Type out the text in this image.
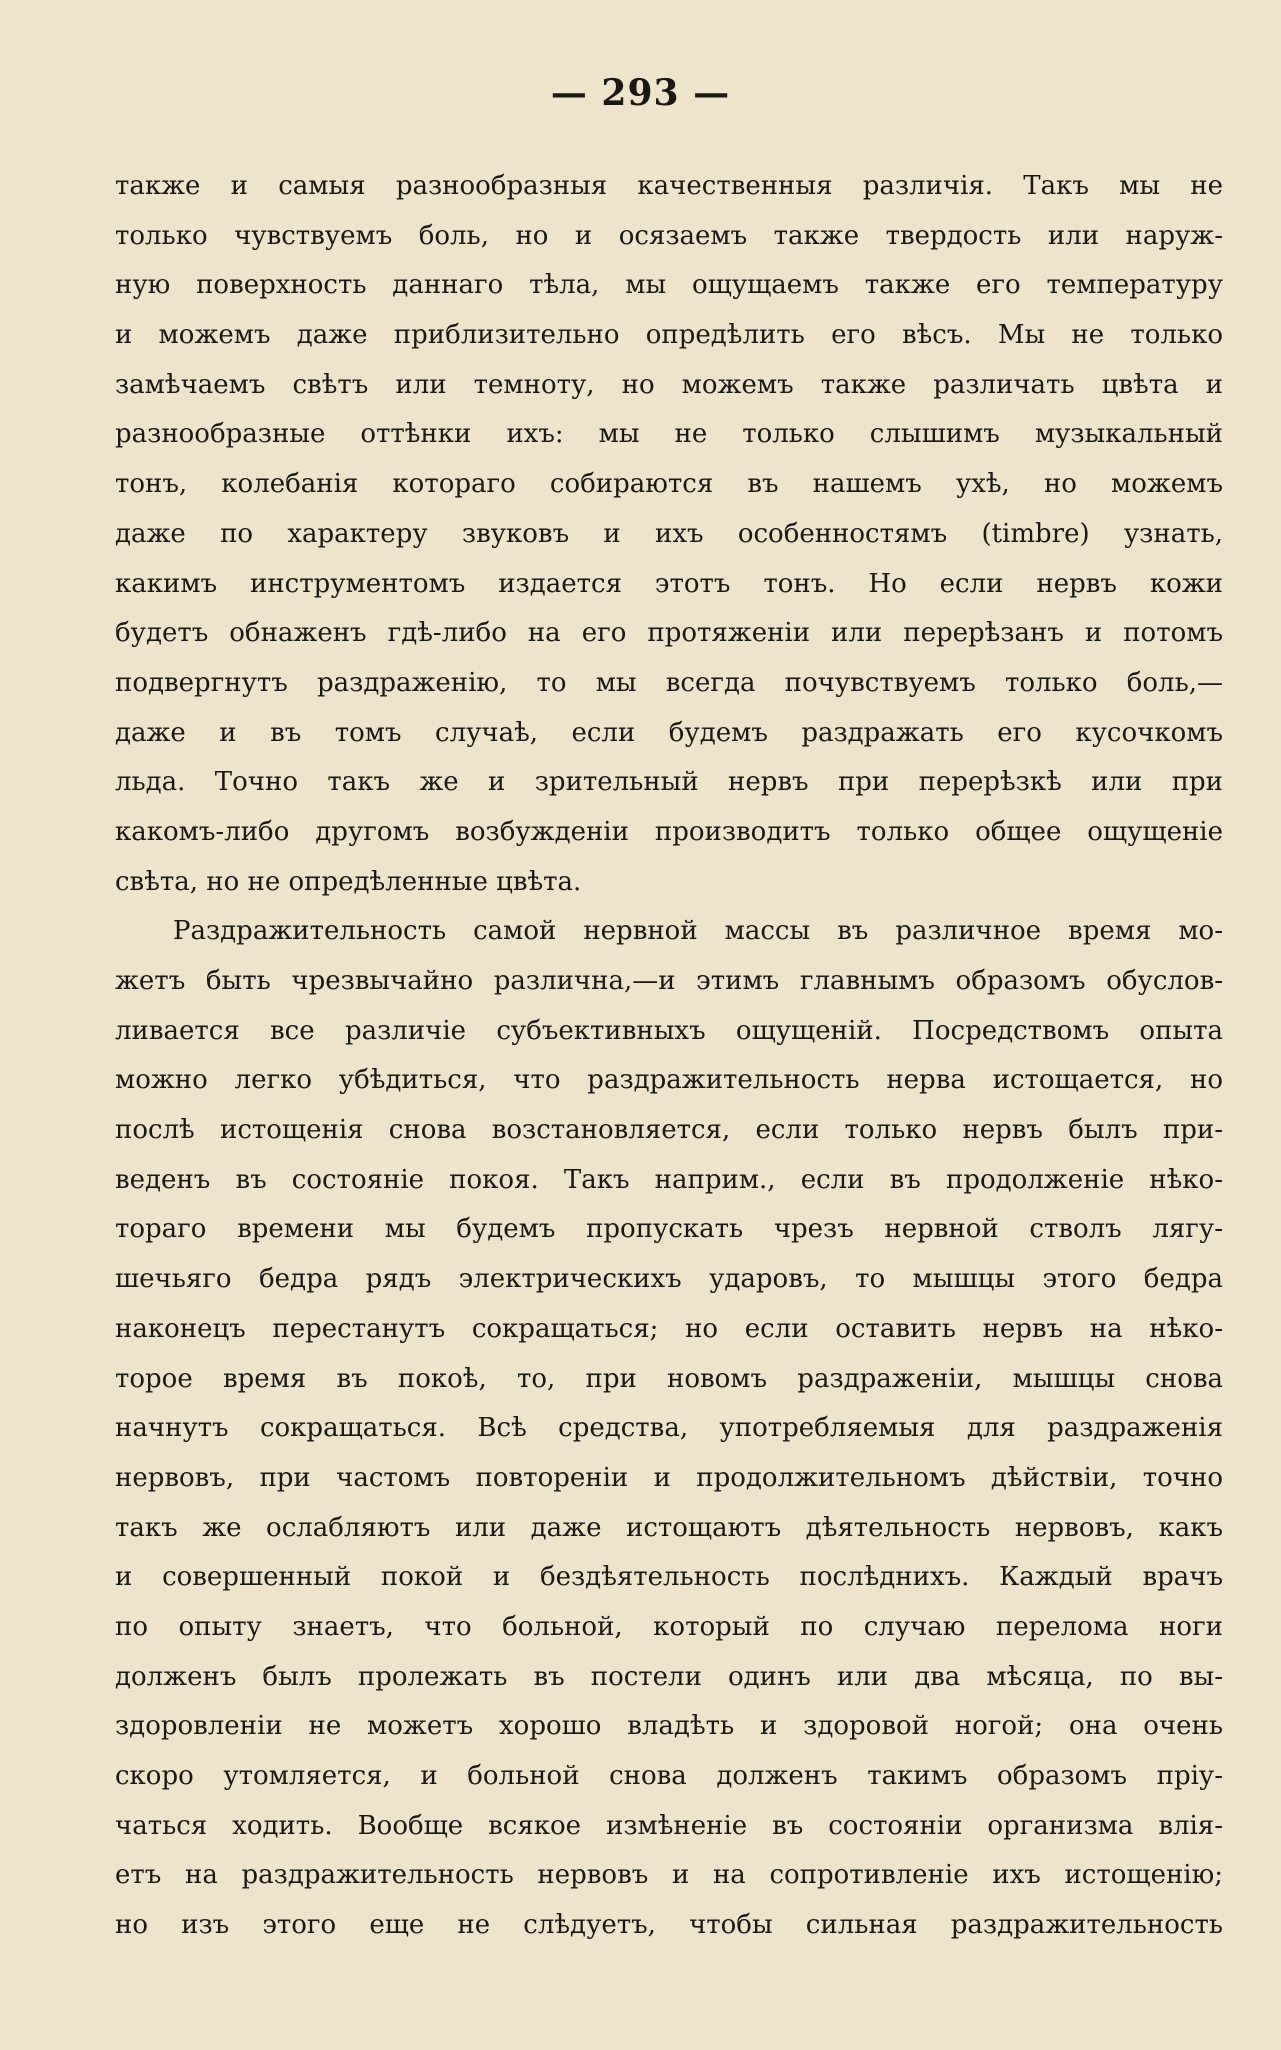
— 293 —
также и самыя разнообразныя качественныя различія. Такъ мы не
только чувствуемъ боль, но и осязаемъ также твердость или наруж-
ную поверхность даннаго тѣла, мы ощущаемъ также его температуру
и можемъ даже приблизительно опредѣлить его вѣсъ. Мы не только
замѣчаемъ свѣтъ или темноту, но можемъ также различать цвѣта и
разнообразные оттѣнки ихъ: мы не только слышимъ музыкальный
тонъ, колебанія котораго собираются въ нашемъ ухѣ, но можемъ
даже по характеру звуковъ и ихъ особенностямъ (timbre) узнать,
какимъ инструментомъ издается этотъ тонъ. Но если нервъ кожи
будетъ обнаженъ гдѣ-либо на его протяженіи или перерѣзанъ и потомъ
подвергнутъ раздраженію, то мы всегда почувствуемъ только боль,—
даже и въ томъ случаѣ, если будемъ раздражать его кусочкомъ
льда. Точно такъ же и зрительный нервъ при перерѣзкѣ или при
какомъ-либо другомъ возбужденіи производитъ только общее ощущеніе
свѣта, но не опредѣленные цвѣта.
Раздражительность самой нервной массы въ различное время мо-
жетъ быть чрезвычайно различна,—и этимъ главнымъ образомъ обуслов-
ливается все различіе субъективныхъ ощущеній. Посредствомъ опыта
можно легко убѣдиться, что раздражительность нерва истощается, но
послѣ истощенія снова возстановляется, если только нервъ былъ при-
веденъ въ состояніе покоя. Такъ наприм., если въ продолженіе нѣко-
тораго времени мы будемъ пропускать чрезъ нервной стволъ лягу-
шечьяго бедра рядъ электрическихъ ударовъ, то мышцы этого бедра
наконецъ перестанутъ сокращаться; но если оставить нервъ на нѣко-
торое время въ покоѣ, то, при новомъ раздраженіи, мышцы снова
начнутъ сокращаться. Всѣ средства, употребляемыя для раздраженія
нервовъ, при частомъ повтореніи и продолжительномъ дѣйствіи, точно
такъ же ослабляютъ или даже истощаютъ дѣятельность нервовъ, какъ
и совершенный покой и бездѣятельность послѣднихъ. Каждый врачъ
по опыту знаетъ, что больной, который по случаю перелома ноги
долженъ былъ пролежать въ постели одинъ или два мѣсяца, по вы-
здоровленіи не можетъ хорошо владѣть и здоровой ногой; она очень
скоро утомляется, и больной снова долженъ такимъ образомъ пріу-
чаться ходить. Вообще всякое измѣненіе въ состояніи организма влія-
етъ на раздражительность нервовъ и на сопротивленіе ихъ истощенію;
но изъ этого еще не слѣдуетъ, чтобы сильная раздражительность
